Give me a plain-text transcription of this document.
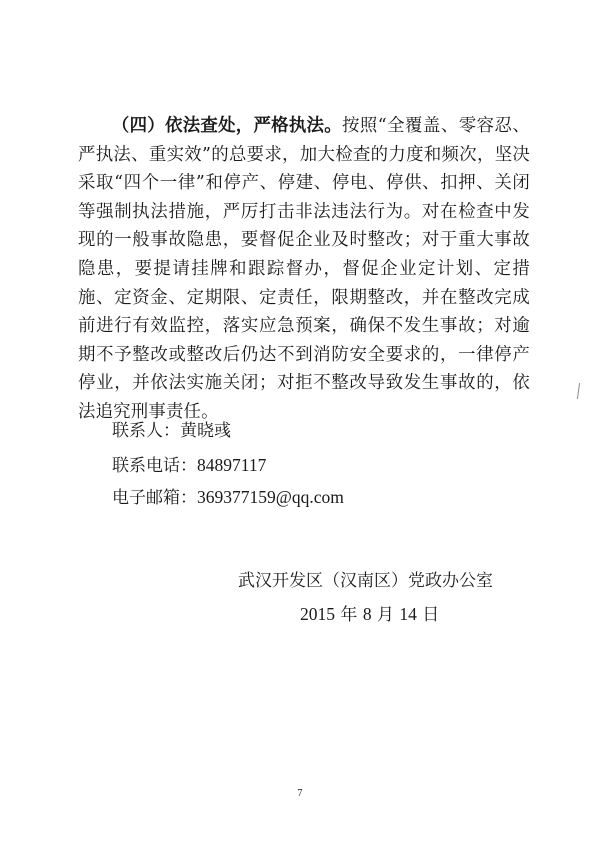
（四）依法查处，严格执法。按照“全覆盖、零容忍、严执法、重实效”的总要求，加大检查的力度和频次，坚决采取“四个一律”和停产、停建、停电、停供、扣押、关闭等强制执法措施，严厉打击非法违法行为。对在检查中发现的一般事故隐患，要督促企业及时整改；对于重大事故隐患，要提请挂牌和跟踪督办，督促企业定计划、定措施、定资金、定期限、定责任，限期整改，并在整改完成前进行有效监控，落实应急预案，确保不发生事故；对逾期不予整改或整改后仍达不到消防安全要求的，一律停产停业，并依法实施关闭；对拒不整改导致发生事故的，依法追究刑事责任。

联系人：黄晓彧
联系电话：84897117
电子邮箱：369377159@qq.com
武汉开发区（汉南区）党政办公室
2015 年 8 月 14 日
7
